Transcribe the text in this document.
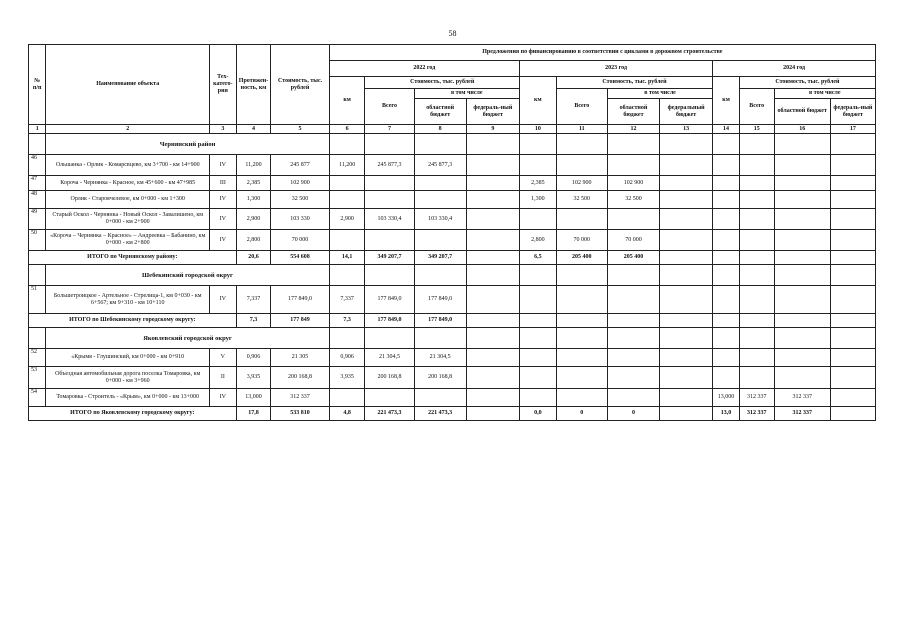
58
№ п/п	Наименование объекта	Тех-катего-рия	Протяжен-ность, км	Стоимость, тыс. рублей	Предложения по финансированию в соответствии с циклами в дорожном строительстве											
					2022 год				2023 год				2024 год			
					км	Стоимость, тыс. рублей			км	Стоимость, тыс. рублей			км	Стоимость, тыс. рублей		
						Всего	в том числе			Всего	в том числе			Всего	в том числе	
							областной бюджет	федераль-ный бюджет			областной бюджет	федеральный бюджет			областной бюджет	федераль-ный бюджет
1	2	3	4	5	6	7	8	9	10	11	12	13	14	15	16	17
	Чернянский район															
46	Ольшанка - Орлик - Комарсвцево, км 3+700 - км 14+900	IV	11,200	245 877	11,200	245 877,3	245 877,3									
47	Короча - Чернянка - Красное, км 45+600 - км 47+985	III	2,385	102 900					2,385	102 900	102 900					
48	Орлик - Староячелевое, км 0+000 - км 1+300	IV	1,300	32 500					1,300	32 500	32 500					
49	Старый Оскол - Чернянка - Новый Оскол - Завалишено, км 0+000 - км 2+900	IV	2,900	103 330	2,900	103 330,4	103 330,4									
50	«Короча – Чернянка – Красное» – Андреевка – Бабанино, км 0+000 - км 2+800	IV	2,800	70 000					2,800	70 000	70 000					
ИТОГО по Чернянскому району:			20,6	554 608	14,1	349 207,7	349 207,7		6,5	205 400	205 400					
	Шебекинский городской округ															
51	Большетроицкое - Артельное - Стрелица-1, км 0+030 - км 6+567; км 9+310 - км 10+110	IV	7,337	177 849,0	7,337	177 849,0	177 849,0									
ИТОГО по Шебекинскому городскому округу:			7,3	177 849	7,3	177 849,0	177 849,0									
	Яковлевский городской округ															
52	«Крымя - Глушинский, км 0+000 - км 0+910	V	0,906	21 305	0,906	21 304,5	21 304,5									
53	Объездная автомобильная дорога поселка Томаровка, км 0+000 - км 3+960	II	3,935	200 168,8	3,935	200 168,8	200 168,8									
54	Томаровка - Строитель - «Крым», км 0+000 - км 13+000	IV	13,000	312 337									13,000	312 337	312 337	
ИТОГО по Яковлевскому городскому округу:			17,8	533 810	4,8	221 473,3	221 473,3		0,0	0	0		13,0	312 337	312 337	
